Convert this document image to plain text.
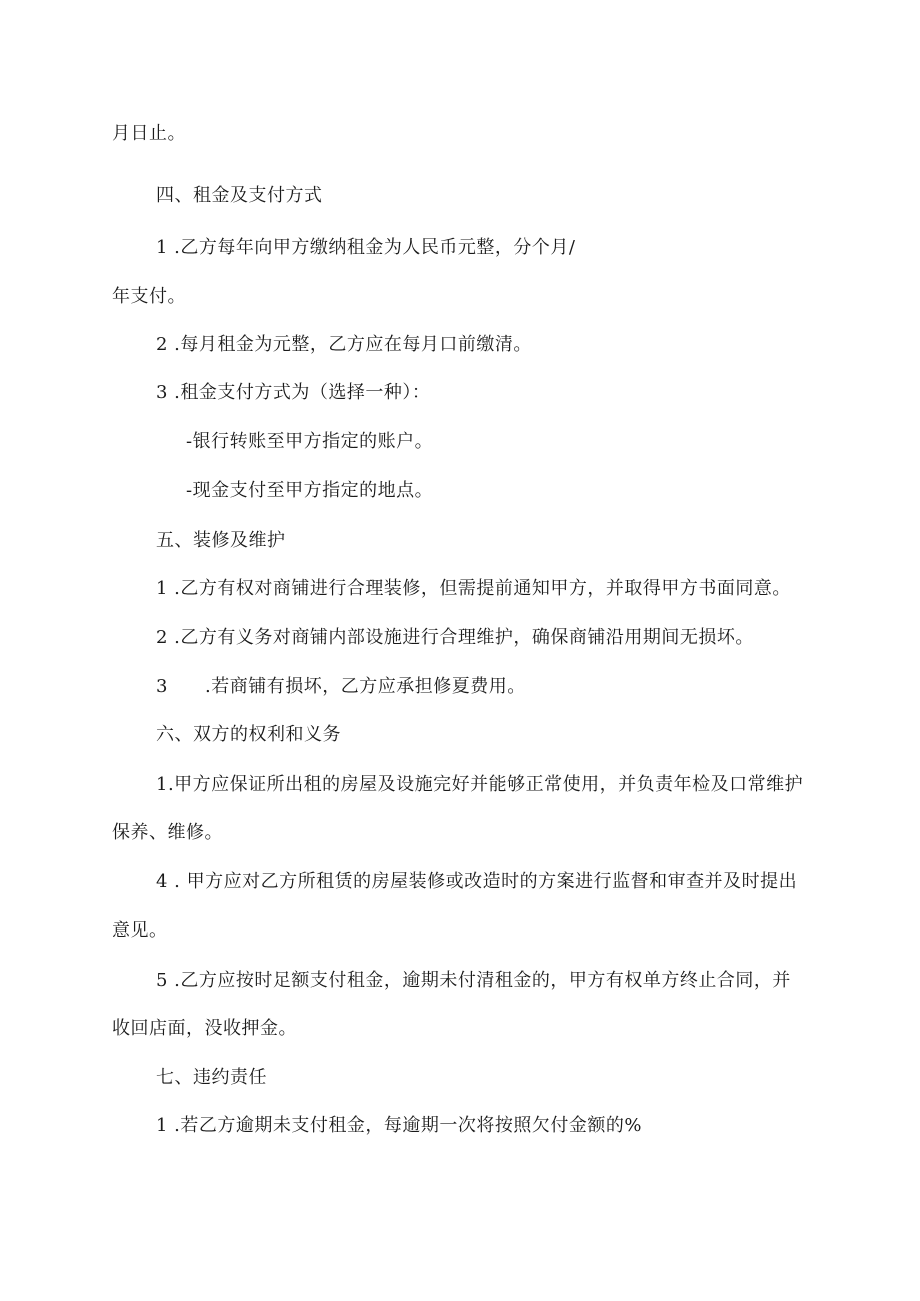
月日止。
四、租金及支付方式
1 .乙方每年向甲方缴纳租金为人民币元整，分个月/
年支付。
2 .每月租金为元整，乙方应在每月口前缴清。
3 .租金支付方式为（选择一种）：
-银行转账至甲方指定的账户。
-现金支付至甲方指定的地点。
五、装修及维护
1 .乙方有权对商铺进行合理装修，但需提前通知甲方，并取得甲方书面同意。
2 .乙方有义务对商铺内部设施进行合理维护，确保商铺沿用期间无损坏。
3 .若商铺有损坏，乙方应承担修夏费用。
六、双方的权利和义务
1.甲方应保证所出租的房屋及设施完好并能够正常使用，并负责年检及口常维护
保养、维修。
4 . 甲方应对乙方所租赁的房屋装修或改造时的方案进行监督和审查并及时提出
意见。
5 .乙方应按时足额支付租金，逾期未付清租金的，甲方有权单方终止合同，并
收回店面，没收押金。
七、违约责任
1 .若乙方逾期未支付租金，每逾期一次将按照欠付金额的%
